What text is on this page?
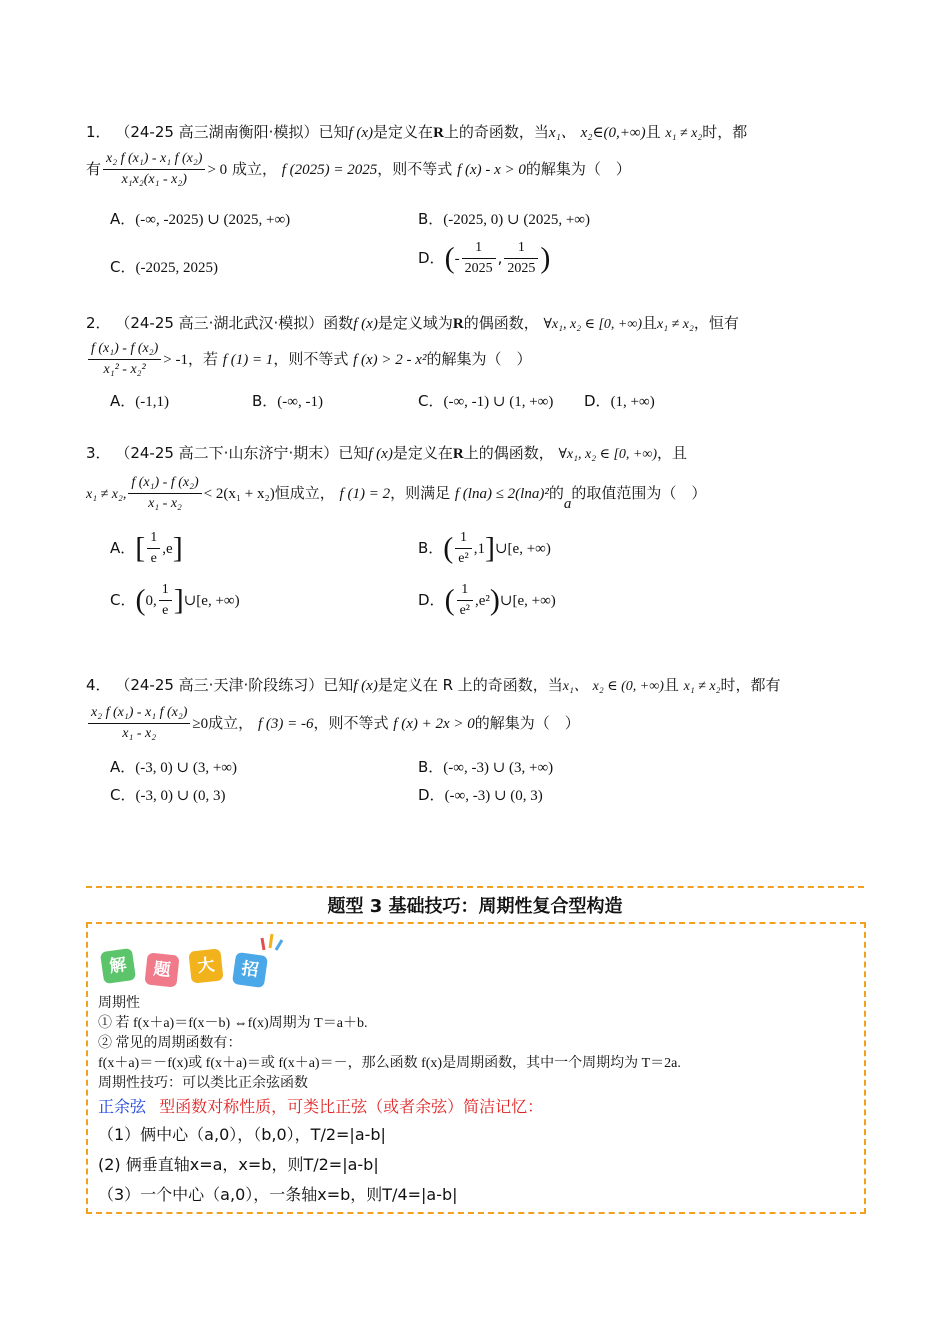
1． （24-25 高三湖南衡阳·模拟）已知f (x)是定义在R上的奇函数，当x₁、 x₂∈(0,+∞)且 x₁ ≠ x₂时，都
有 $\frac{\text{x₂ f (x₁) - x₁ f (x₂)}}{\text{x₁x₂(x₁ - x₂)}} > 0$ 成立， f (2025) = 2025，则不等式 f (x) - x > 0的解集为（　）
A．(-∞, -2025) ∪ (2025, +∞)	B．(-2025, 0) ∪ (2025, +∞)
C．(-2025, 2025)
D．(- $\frac{1}{2025}$ , $\frac{1}{2025}$ )
2． （24-25 高三·湖北武汉·模拟）函数f (x)是定义域为R的偶函数， ∀x₁, x₂ ∈ [0, +∞)且x₁ ≠ x₂，恒有
$\frac{\text{f (x₁) - f (x₂)}}{\text{x₁² - x₂²}} > -1$，若 f (1) = 1，则不等式 f (x) > 2 - x²的解集为（　）
A．(-1,1)	B．(-∞, -1)	C．(-∞, -1) ∪ (1, +∞) D．(1, +∞)
3． （24-25 高二下·山东济宁·期末）已知f (x)是定义在R上的偶函数， ∀x₁, x₂ ∈ [0, +∞)，且
x₁ ≠ x₂, $\frac{\text{f (x₁) - f (x₂)}}{\text{x₁ - x₂}} < 2(x_1 + x_2)$恒成立， f (1) = 2，则满足 f (lna) ≤ 2(lna)²的a的取值范围为（　）
A．[ $\frac{1}{e} ,e$]	B．( $\frac{1}{\text{e²}}$ ,1]∪[e, +∞)
C．(0, $\frac{1}{e}$ ]∪[e, +∞)	D．( $\frac{1}{\text{e²}}$ ,e²)∪[e, +∞)
4． （24-25 高三·天津·阶段练习）已知f (x)是定义在 R 上的奇函数，当x₁、 x₂ ∈ (0, +∞)且 x₁ ≠ x₂时，都有
$\frac{\text{x₂ f (x₁) - x₁ f (x₂)}}{\text{x₁ - x₂}} \ge 0$成立， f (3) = -6，则不等式 f (x) + 2x > 0的解集为（　）
A．(-3, 0) ∪ (3, +∞)	B．(-∞, -3) ∪ (3, +∞)
C．(-3, 0) ∪ (0, 3)	D．(-∞, -3) ∪ (0, 3)
题型 3 基础技巧：周期性复合型构造
解	题	大	招
周期性
① 若 f(x＋a)＝f(x－b) ⇔f(x)周期为 T＝a＋b.
② 常见的周期函数有：
f(x＋a)＝－f(x)或 f(x＋a)＝或 f(x＋a)＝－，那么函数 f(x)是周期函数，其中一个周期均为 T＝2a.
周期性技巧：可以类比正余弦函数
正余弦 型函数对称性质，可类比正弦（或者余弦）简洁记忆：
（1）俩中心（a,0），（b,0），T/2=|a-b|
(2) 俩垂直轴x=a，x=b，则T/2=|a-b|
（3）一个中心（a,0），一条轴x=b，则T/4=|a-b|
